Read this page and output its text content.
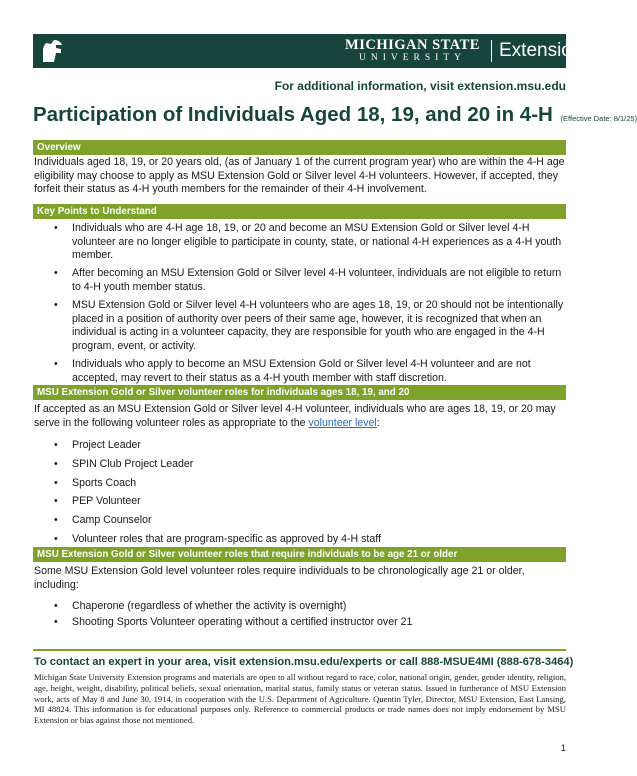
MICHIGAN STATE
UNIVERSITY	Extension
For additional information, visit extension.msu.edu
Participation of Individuals Aged 18, 19, and 20 in 4-H (Effective Date: 8/1/25)
Overview

Individuals aged 18, 19, or 20 years old, (as of January 1 of the current program year) who are within the 4-H age eligibility may choose to apply as MSU Extension Gold or Silver level 4-H volunteers. However, if accepted, they forfeit their status as 4-H youth members for the remainder of their 4-H involvement.

Key Points to Understand
• Individuals who are 4-H age 18, 19, or 20 and become an MSU Extension Gold or Silver level 4-H volunteer are no longer eligible to participate in county, state, or national 4-H experiences as a 4-H youth member.
• After becoming an MSU Extension Gold or Silver level 4-H volunteer, individuals are not eligible to return to 4-H youth member status.
• MSU Extension Gold or Silver level 4-H volunteers who are ages 18, 19, or 20 should not be intentionally placed in a position of authority over peers of their same age, however, it is recognized that when an individual is acting in a volunteer capacity, they are responsible for youth who are engaged in the 4-H program, event, or activity.
• Individuals who apply to become an MSU Extension Gold or Silver level 4-H volunteer and are not accepted, may revert to their status as a 4-H youth member with staff discretion.
MSU Extension Gold or Silver volunteer roles for individuals ages 18, 19, and 20

If accepted as an MSU Extension Gold or Silver level 4-H volunteer, individuals who are ages 18, 19, or 20 may serve in the following volunteer roles as appropriate to the volunteer level:

• Project Leader
• SPIN Club Project Leader
• Sports Coach
• PEP Volunteer
• Camp Counselor
• Volunteer roles that are program-specific as approved by 4-H staff
MSU Extension Gold or Silver volunteer roles that require individuals to be age 21 or older

Some MSU Extension Gold level volunteer roles require individuals to be chronologically age 21 or older, including:

• Chaperone (regardless of whether the activity is overnight)
• Shooting Sports Volunteer operating without a certified instructor over 21
To contact an expert in your area, visit extension.msu.edu/experts or call 888-MSUE4MI (888-678-3464)

Michigan State University Extension programs and materials are open to all without regard to race, color, national origin, gender, gender identity, religion, age, height, weight, disability, political beliefs, sexual orientation, marital status, family status or veteran status. Issued in furtherance of MSU Extension work, acts of May 8 and June 30, 1914, in cooperation with the U.S. Department of Agriculture. Quentin Tyler, Director, MSU Extension, East Lansing, MI 48824. This information is for educational purposes only. Reference to commercial products or trade names does not imply endorsement by MSU Extension or bias against those not mentioned.

1
